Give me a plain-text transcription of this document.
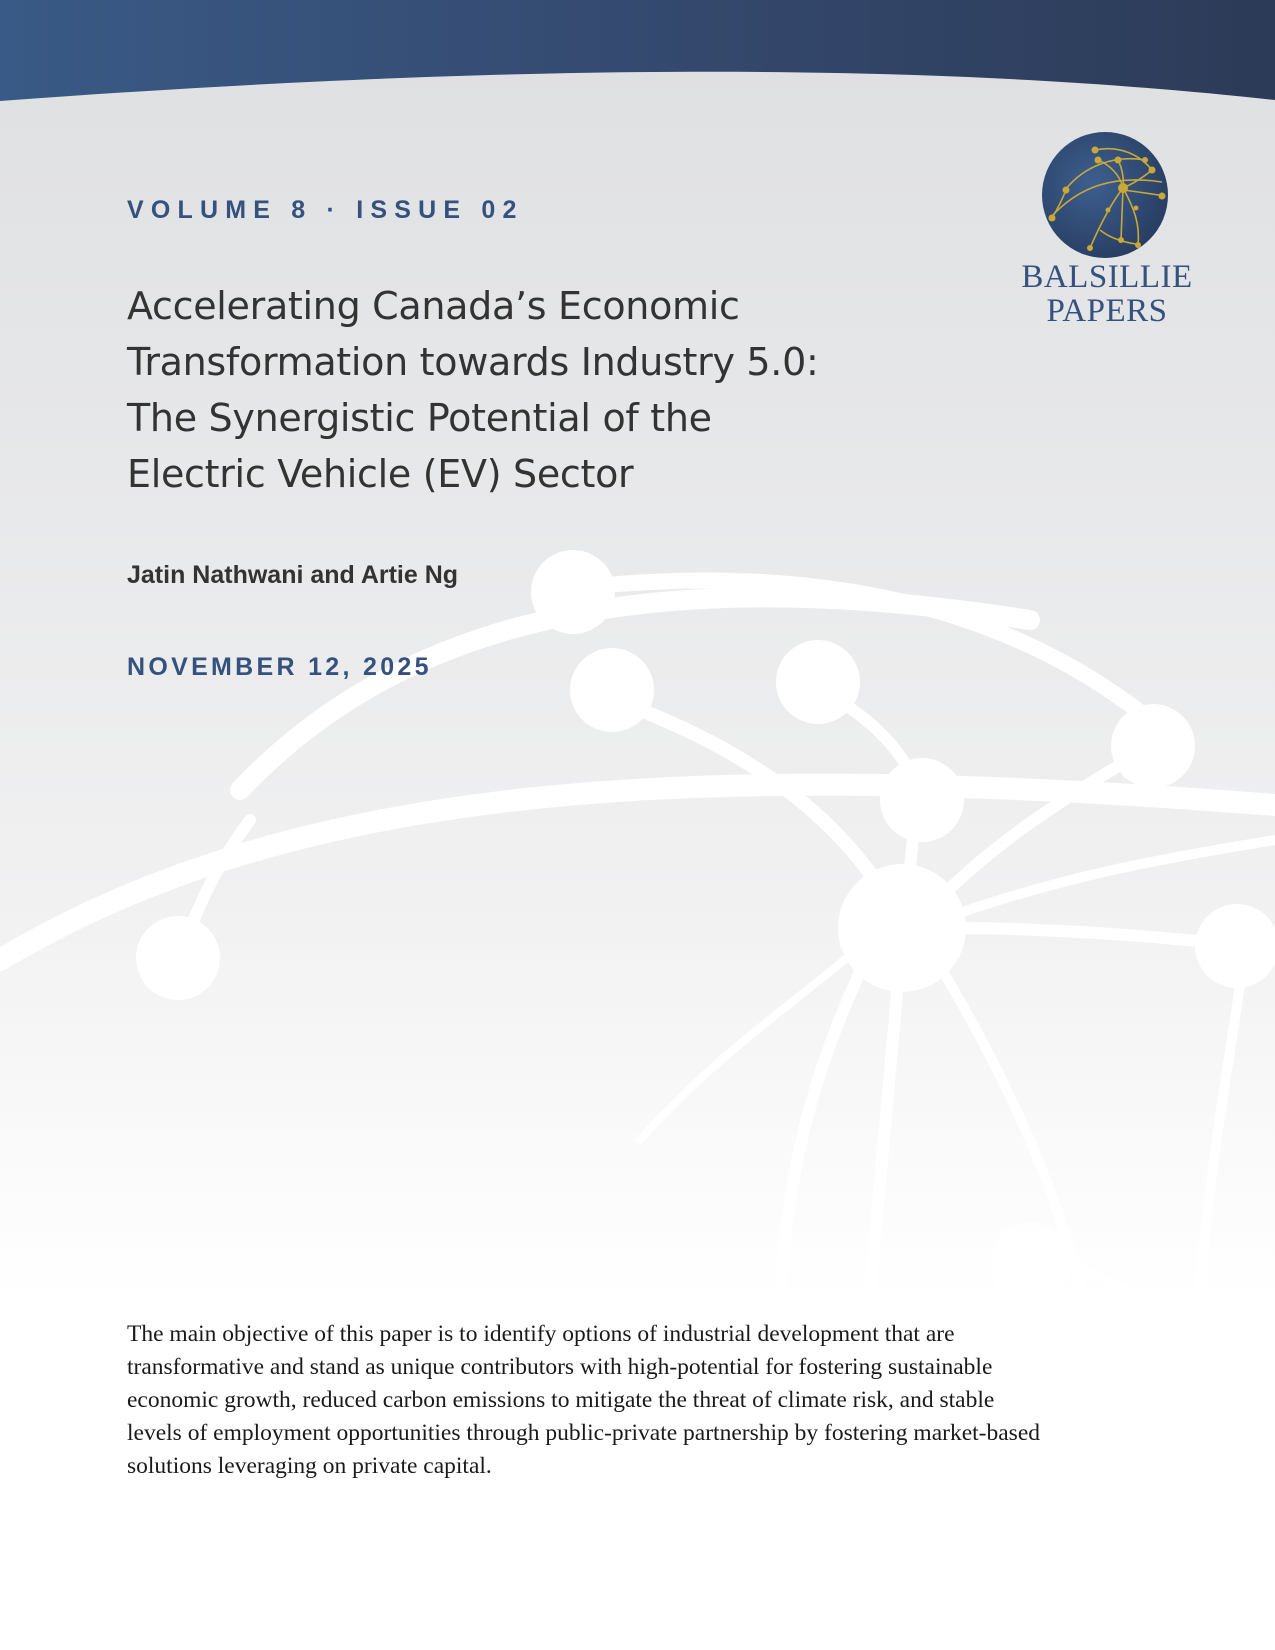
VOLUME 8 · ISSUE 02
Accelerating Canada’s Economic
Transformation towards Industry 5.0:
The Synergistic Potential of the
Electric Vehicle (EV) Sector
Jatin Nathwani and Artie Ng
NOVEMBER 12, 2025
BALSILLIE
PAPERS
The main objective of this paper is to identify options of industrial development that are
transformative and stand as unique contributors with high-potential for fostering sustainable
economic growth, reduced carbon emissions to mitigate the threat of climate risk, and stable
levels of employment opportunities through public-private partnership by fostering market-based
solutions leveraging on private capital.
